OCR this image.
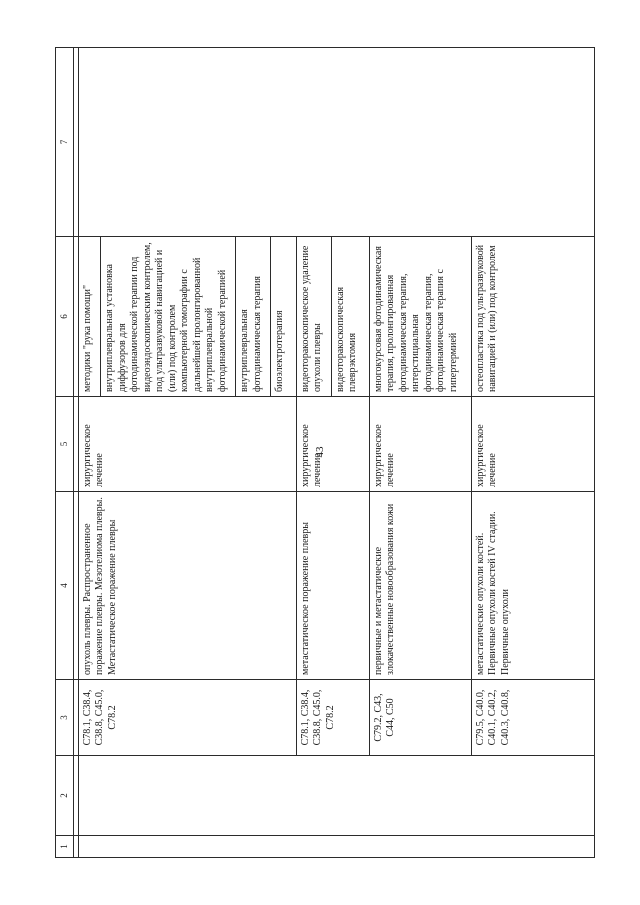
43
1	2	3	4	5	6	7

		C78.1, C38.4, C38.8, C45.0, C78.2	опухоль плевры. Распространенное поражение плевры. Мезотелиома плевры. Метастатическое поражение плевры	хирургическое лечение	методики "рука помощи" внутриплевральная установка диффузоров для фотодинамической терапии под видеоэндоскопическим контролем, под ультразвуковой навигацией и (или) под контролем компьютерной томографии с дальнейшей пролонгированной внутриплевральной фотодинамической терапией внутриплевральная фотодинамическая терапия биоэлектротерапия	

		C78.1, C38.4, C38.8, C45.0, C78.2	метастатическое поражение плевры	хирургическое лечение	видеоторакоскопическое удаление опухоли плевры видеоторакоскопическая плеврэктомия	

		C79.2, C43, C44, C50	первичные и метастатические злокачественные новообразования кожи	хирургическое лечение	многокурсовая фотодинамическая терапия, пролонгированная фотодинамическая терапия, интерстициальная фотодинамическая терапия, фотодинамическая терапия с гипертермией	

		C79.5, C40.0, C40.1, C40.2, C40.3, C40.8,	метастатические опухоли костей. Первичные опухоли костей IV стадии. Первичные опухоли	хирургическое лечение	остеопластика под ультразвуковой навигацией и (или) под контролем	
